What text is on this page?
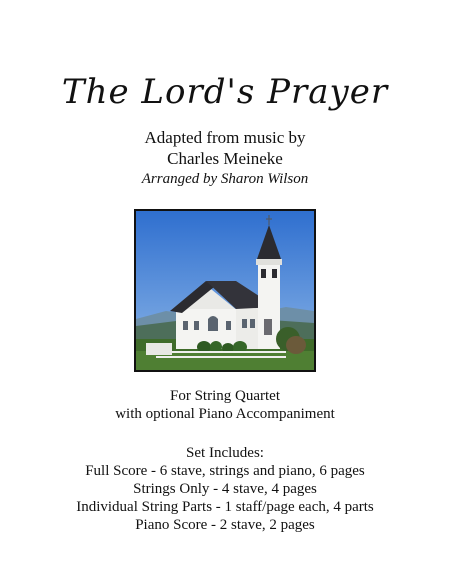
The Lord's Prayer
Adapted from music by
Charles Meineke
Arranged by Sharon Wilson
For String Quartet
with optional Piano Accompaniment
Set Includes:
Full Score - 6 stave, strings and piano, 6 pages
Strings Only - 4 stave, 4 pages
Individual String Parts - 1 staff/page each, 4 parts
Piano Score - 2 stave, 2 pages
